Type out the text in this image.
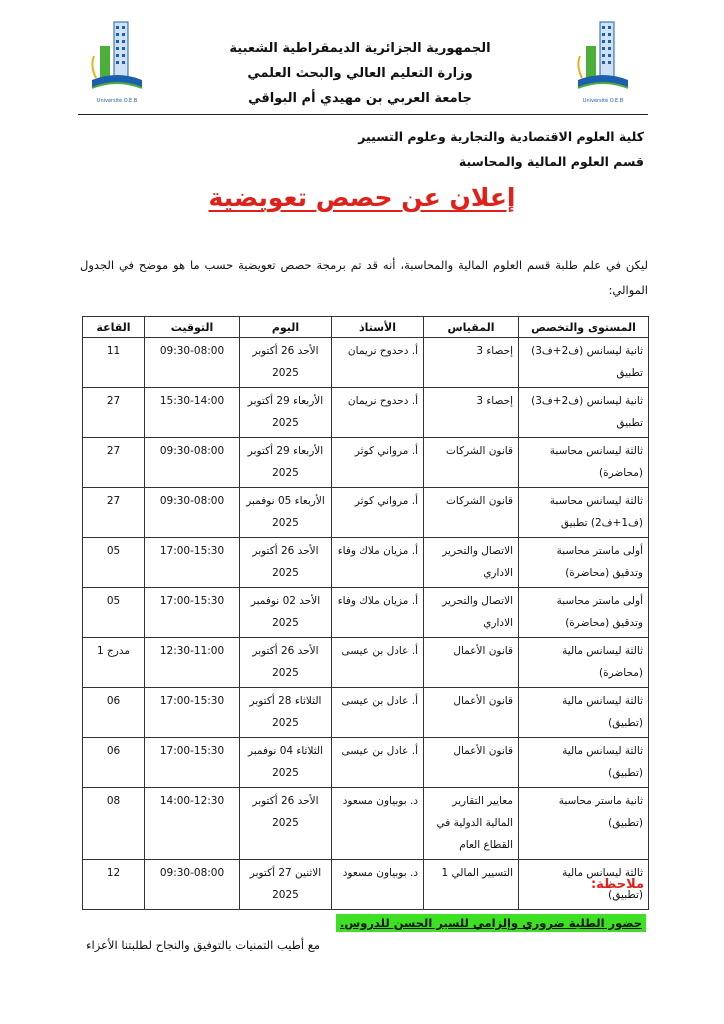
Université O.E.B	Université O.E.B
الجمهورية الجزائرية الديمقراطية الشعبية
وزارة التعليم العالي والبحث العلمي
جامعة العربي بن مهيدي أم البواقي
كلية العلوم الاقتصادية والتجارية وعلوم التسيير
قسم العلوم المالية والمحاسبة
إعلان عن حصص تعويضية
ليكن في علم طلبة قسم العلوم المالية والمحاسبة، أنه قد تم برمجة حصص تعويضية حسب ما هو موضح في الجدول الموالي:
المستوى والتخصص	المقياس	الأستاذ	اليوم	التوقيت	القاعة
ثانية ليسانس (ف2+ف3) تطبيق	إحصاء 3	أ. دحدوح نريمان	الأحد 26 أكتوبر 2025	09:30-08:00	11
ثانية ليسانس (ف2+ف3) تطبيق	إحصاء 3	أ. دحدوح نريمان	الأربعاء 29 أكتوبر 2025	15:30-14:00	27
ثالثة ليسانس محاسبة (محاضرة)	قانون الشركات	أ. مرواني كوثر	الأربعاء 29 أكتوبر 2025	09:30-08:00	27
ثالثة ليسانس محاسبة (ف1+ف2) تطبيق	قانون الشركات	أ. مرواني كوثر	الأربعاء 05 نوفمبر 2025	09:30-08:00	27
أولى ماستر محاسبة وتدقيق (محاضرة)	الاتصال والتحرير الاداري	أ. مزيان ملاك وفاء	الأحد 26 أكتوبر 2025	17:00-15:30	05
أولى ماستر محاسبة وتدقيق (محاضرة)	الاتصال والتحرير الاداري	أ. مزيان ملاك وفاء	الأحد 02 نوفمبر 2025	17:00-15:30	05
ثالثة ليسانس مالية (محاضرة)	قانون الأعمال	أ. عادل بن عيسى	الأحد 26 أكتوبر 2025	12:30-11:00	مدرج 1
ثالثة ليسانس مالية (تطبيق)	قانون الأعمال	أ. عادل بن عيسى	الثلاثاء 28 أكتوبر 2025	17:00-15:30	06
ثالثة ليسانس مالية (تطبيق)	قانون الأعمال	أ. عادل بن عيسى	الثلاثاء 04 نوفمبر 2025	17:00-15:30	06
ثانية ماستر محاسبة (تطبيق)	معايير التقارير المالية الدولية في القطاع العام	د. بوبياون مسعود	الأحد 26 أكتوبر 2025	14:00-12:30	08
ثالثة ليسانس مالية (تطبيق)	التسيير المالي 1	د. بوبياون مسعود	الاثنين 27 أكتوبر 2025	09:30-08:00	12
ملاحظة:
حضور الطلبة ضروري وإلزامي للسير الحسن للدروس.
مع أطيب التمنيات بالتوفيق والنجاح لطلبتنا الأعزاء
